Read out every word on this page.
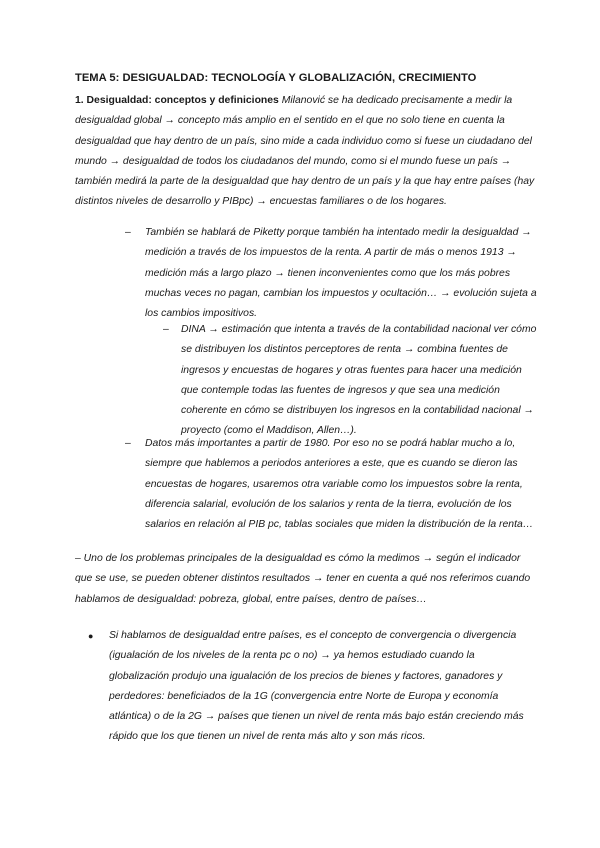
TEMA 5: DESIGUALDAD: TECNOLOGÍA Y GLOBALIZACIÓN, CRECIMIENTO
1. Desigualdad: conceptos y definiciones Milanović se ha dedicado precisamente a medir la desigualdad global → concepto más amplio en el sentido en el que no solo tiene en cuenta la desigualdad que hay dentro de un país, sino mide a cada individuo como si fuese un ciudadano del mundo → desigualdad de todos los ciudadanos del mundo, como si el mundo fuese un país → también medirá la parte de la desigualdad que hay dentro de un país y la que hay entre países (hay distintos niveles de desarrollo y PIBpc) → encuestas familiares o de los hogares.
– También se hablará de Piketty porque también ha intentado medir la desigualdad → medición a través de los impuestos de la renta. A partir de más o menos 1913 → medición más a largo plazo → tienen inconvenientes como que los más pobres muchas veces no pagan, cambian los impuestos y ocultación… → evolución sujeta a los cambios impositivos.
– DINA → estimación que intenta a través de la contabilidad nacional ver cómo se distribuyen los distintos perceptores de renta → combina fuentes de ingresos y encuestas de hogares y otras fuentes para hacer una medición que contemple todas las fuentes de ingresos y que sea una medición coherente en cómo se distribuyen los ingresos en la contabilidad nacional → proyecto (como el Maddison, Allen…).
– Datos más importantes a partir de 1980. Por eso no se podrá hablar mucho a lo, siempre que hablemos a periodos anteriores a este, que es cuando se dieron las encuestas de hogares, usaremos otra variable como los impuestos sobre la renta, diferencia salarial, evolución de los salarios y renta de la tierra, evolución de los salarios en relación al PIB pc, tablas sociales que miden la distribución de la renta…
– Uno de los problemas principales de la desigualdad es cómo la medimos → según el indicador que se use, se pueden obtener distintos resultados → tener en cuenta a qué nos referimos cuando hablamos de desigualdad: pobreza, global, entre países, dentro de países…
● Si hablamos de desigualdad entre países, es el concepto de convergencia o divergencia (igualación de los niveles de la renta pc o no) → ya hemos estudiado cuando la globalización produjo una igualación de los precios de bienes y factores, ganadores y perdedores: beneficiados de la 1G (convergencia entre Norte de Europa y economía atlántica) o de la 2G → países que tienen un nivel de renta más bajo están creciendo más rápido que los que tienen un nivel de renta más alto y son más ricos.
